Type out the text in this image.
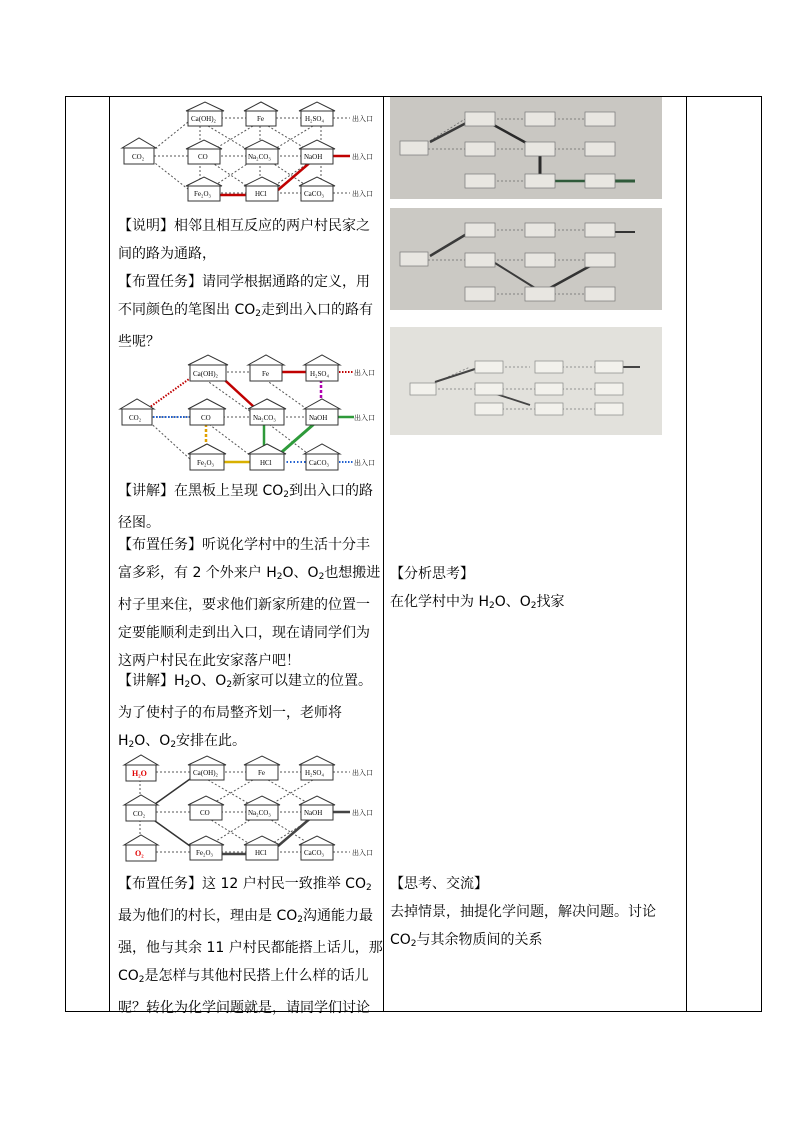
CO₂
Ca(OH)₂	Fe	H₂SO₄
CO	Na₂CO₃	NaOH
Fe₂O₃	HCl	CaCO₃
出入口
出入口
出入口
【说明】相邻且相互反应的两户村民家之
间的路为通路，
【布置任务】请同学根据通路的定义，用
不同颜色的笔图出 $CO_2$走到出入口的路有
些呢？
CO₂
Ca(OH)₂	Fe	H₂SO₄
CO	Na₂CO₃	NaOH
Fe₂O₃	HCl	CaCO₃
出入口
出入口
出入口
【讲解】在黑板上呈现 $CO_2$到出入口的路
径图。
【布置任务】听说化学村中的生活十分丰
富多彩，有 2 个外来户 $H_2O$、$O_2$也想搬进
村子里来住，要求他们新家所建的位置一
定要能顺利走到出入口，现在请同学们为
这两户村民在此安家落户吧！
【讲解】$H_2O$、$O_2$新家可以建立的位置。
为了使村子的布局整齐划一，老师将
$H_2O$、$O_2$安排在此。
H₂O
CO₂
O₂
Ca(OH)₂	Fe	H₂SO₄
CO	Na₂CO₃	NaOH
Fe₂O₃	HCl	CaCO₃
出入口
出入口
出入口
【布置任务】这 12 户村民一致推举 $CO_2$
最为他们的村长，理由是 $CO_2$沟通能力最
强，他与其余 11 户村民都能搭上话儿，那
$CO_2$是怎样与其他村民搭上什么样的话儿
呢？转化为化学问题就是，请同学们讨论
【分析思考】
在化学村中为 $H_2O$、$O_2$找家
【思考、交流】
去掉情景，抽提化学问题，解决问题。讨论
$CO_2$与其余物质间的关系
